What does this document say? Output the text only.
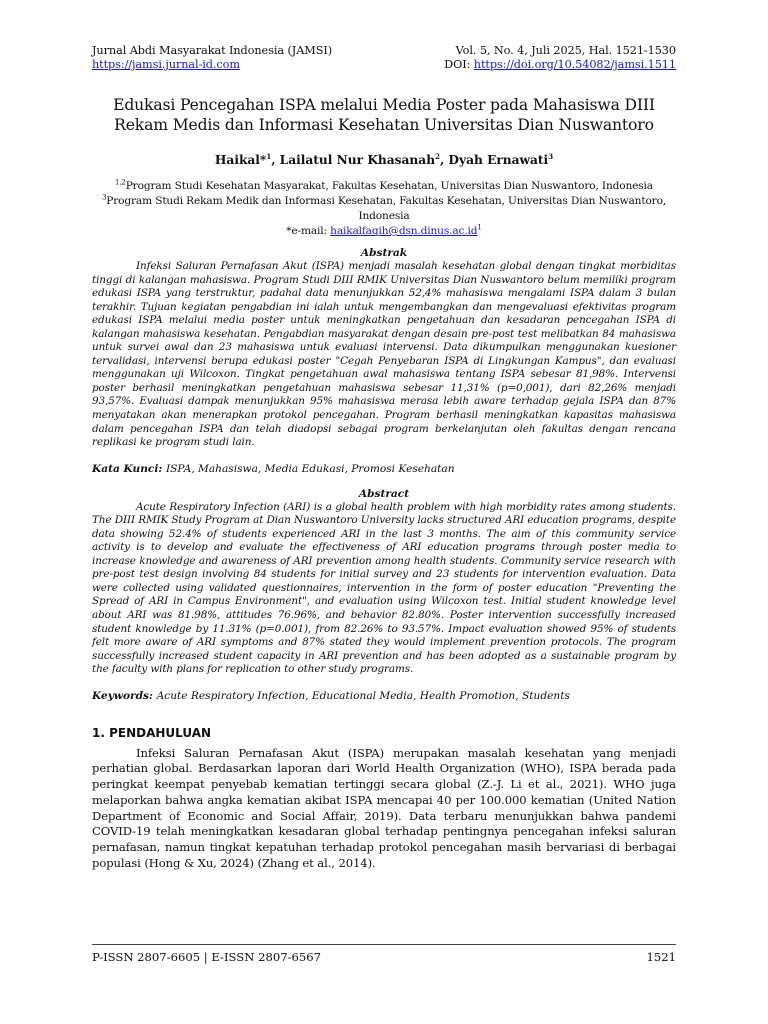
Jurnal Abdi Masyarakat Indonesia (JAMSI)	Vol. 5, No. 4, Juli 2025, Hal. 1521-1530
https://jamsi.jurnal-id.com	DOI: https://doi.org/10.54082/jamsi.1511
Edukasi Pencegahan ISPA melalui Media Poster pada Mahasiswa DIII
Rekam Medis dan Informasi Kesehatan Universitas Dian Nuswantoro
Haikal*$^1$, Lailatul Nur Khasanah$^2$, Dyah Ernawati$^3$
$^{1,2}$Program Studi Kesehatan Masyarakat, Fakultas Kesehatan, Universitas Dian Nuswantoro, Indonesia
$^3$Program Studi Rekam Medik dan Informasi Kesehatan, Fakultas Kesehatan, Universitas Dian Nuswantoro, Indonesia
*e-mail: $haikalfaqih@dsn.dinus.ac.id^1$
Abstrak

Infeksi Saluran Pernafasan Akut (ISPA) menjadi masalah kesehatan global dengan tingkat morbiditas tinggi di kalangan mahasiswa. Program Studi DIII RMIK Universitas Dian Nuswantoro belum memiliki program edukasi ISPA yang terstruktur, padahal data menunjukkan 52,4% mahasiswa mengalami ISPA dalam 3 bulan terakhir. Tujuan kegiatan pengabdian ini ialah untuk mengembangkan dan mengevaluasi efektivitas program edukasi ISPA melalui media poster untuk meningkatkan pengetahuan dan kesadaran pencegahan ISPA di kalangan mahasiswa kesehatan. Pengabdian masyarakat dengan desain pre-post test melibatkan 84 mahasiswa untuk survei awal dan 23 mahasiswa untuk evaluasi intervensi. Data dikumpulkan menggunakan kuesioner tervalidasi, intervensi berupa edukasi poster "Cegah Penyebaran ISPA di Lingkungan Kampus", dan evaluasi menggunakan uji Wilcoxon. Tingkat pengetahuan awal mahasiswa tentang ISPA sebesar 81,98%. Intervensi poster berhasil meningkatkan pengetahuan mahasiswa sebesar 11,31% (p=0,001), dari 82,26% menjadi 93,57%. Evaluasi dampak menunjukkan 95% mahasiswa merasa lebih aware terhadap gejala ISPA dan 87% menyatakan akan menerapkan protokol pencegahan. Program berhasil meningkatkan kapasitas mahasiswa dalam pencegahan ISPA dan telah diadopsi sebagai program berkelanjutan oleh fakultas dengan rencana replikasi ke program studi lain.

Kata Kunci: ISPA, Mahasiswa, Media Edukasi, Promosi Kesehatan
Abstract

Acute Respiratory Infection (ARI) is a global health problem with high morbidity rates among students. The DIII RMIK Study Program at Dian Nuswantoro University lacks structured ARI education programs, despite data showing 52.4% of students experienced ARI in the last 3 months. The aim of this community service activity is to develop and evaluate the effectiveness of ARI education programs through poster media to increase knowledge and awareness of ARI prevention among health students. Community service research with pre-post test design involving 84 students for initial survey and 23 students for intervention evaluation. Data were collected using validated questionnaires, intervention in the form of poster education "Preventing the Spread of ARI in Campus Environment", and evaluation using Wilcoxon test. Initial student knowledge level about ARI was 81.98%, attitudes 76.96%, and behavior 82.80%. Poster intervention successfully increased student knowledge by 11.31% (p=0.001), from 82.26% to 93.57%. Impact evaluation showed 95% of students felt more aware of ARI symptoms and 87% stated they would implement prevention protocols. The program successfully increased student capacity in ARI prevention and has been adopted as a sustainable program by the faculty with plans for replication to other study programs.

Keywords: Acute Respiratory Infection, Educational Media, Health Promotion, Students
1. PENDAHULUAN

Infeksi Saluran Pernafasan Akut (ISPA) merupakan masalah kesehatan yang menjadi perhatian global. Berdasarkan laporan dari World Health Organization (WHO), ISPA berada pada peringkat keempat penyebab kematian tertinggi secara global (Z.-J. Li et al., 2021). WHO juga melaporkan bahwa angka kematian akibat ISPA mencapai 40 per 100.000 kematian (United Nation Department of Economic and Social Affair, 2019). Data terbaru menunjukkan bahwa pandemi COVID-19 telah meningkatkan kesadaran global terhadap pentingnya pencegahan infeksi saluran pernafasan, namun tingkat kepatuhan terhadap protokol pencegahan masih bervariasi di berbagai populasi (Hong & Xu, 2024) (Zhang et al., 2014).

P-ISSN 2807-6605 | E-ISSN 2807-6567	1521
